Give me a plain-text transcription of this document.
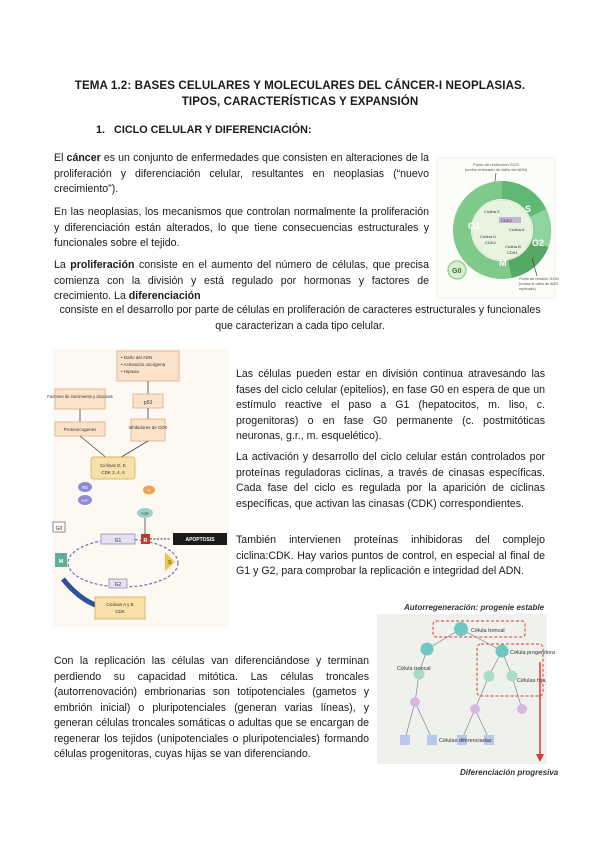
TEMA 1.2: BASES CELULARES Y MOLECULARES DEL CÁNCER-I NEOPLASIAS.
TIPOS, CARACTERÍSTICAS Y EXPANSIÓN
1. CICLO CELULAR Y DIFERENCIACIÓN:
El cáncer es un conjunto de enfermedades que consisten en alteraciones de la proliferación y diferenciación celular, resultantes en neoplasias (“nuevo crecimiento”).
En las neoplasias, los mecanismos que controlan normalmente la proliferación y diferenciación están alterados, lo que tiene consecuencias estructurales y funcionales sobre el tejido.
La proliferación consiste en el aumento del número de células, que precisa comienza con la división y está regulado por hormonas y factores de crecimiento. La diferenciación
consiste en el desarrollo por parte de células en proliferación de caracteres estructurales y funcionales que caracterizan a cada tipo celular.
Punto de restricción G1/S
(recibe enfocado de daño del ADN)
G1
S
G2
M
G0
Ciclina E
CDK2
Ciclina A
Ciclina D
CDK4
Ciclina B
CDK1
Punto de revisión G2/M
(revisa el daño de ADN
replicado)
• Daño del ADN
• Activación oncógena
• Hipoxia
Factores de crecimiento y citocinas
p53
Protooncogenes	Inhibidores de CDK
Ciclinas D, E
CDK 2, 4, 6
Rb
E2F
P
TGF
G0
G1	R	APOPTOSIS
S
G2
M
Ciclinas A y B
CDK
Las células pueden estar en división continua atravesando las fases del ciclo celular (epitelios), en fase G0 en espera de que un estímulo reactive el paso a G1 (hepatocitos, m. liso, c. progenitoras) o en fase G0 permanente (c. postmitóticas neuronas, g.r., m. esquelético).
La activación y desarrollo del ciclo celular están controlados por proteínas reguladoras ciclinas, a través de cinasas específicas. Cada fase del ciclo es regulada por la aparición de ciclinas específicas, que activan las cinasas (CDK) correspondientes.
También intervienen proteínas inhibidoras del complejo ciclina:CDK. Hay varios puntos de control, en especial al final de G1 y G2, para comprobar la replicación e integridad del ADN.
Autorregeneración: progenie estable
Célula troncal
Célula troncal
Célula progenitora
Células hija
Células diferenciadas
Diferenciación progresiva
Con la replicación las células van diferenciándose y terminan perdiendo su capacidad mitótica. Las células troncales (autorrenovación) embrionarias son totipotenciales (gametos y embrión inicial) o pluripotenciales (generan varias líneas), y generan células troncales somáticas o adultas que se encargan de regenerar los tejidos (unipotenciales o pluripotenciales) formando células progenitoras, cuyas hijas se van diferenciando.
